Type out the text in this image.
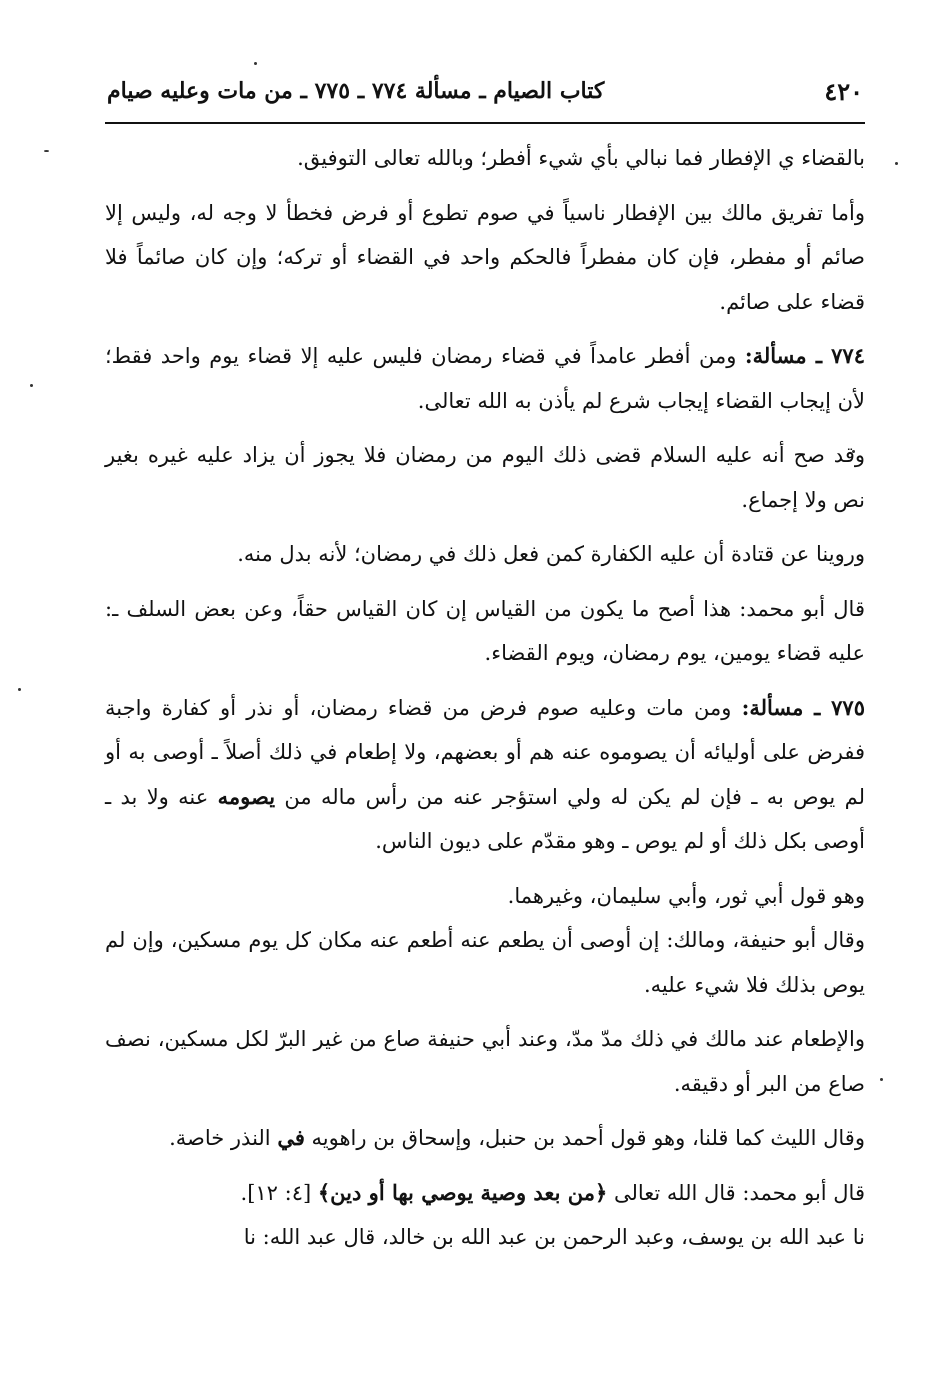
٤٢٠
كتاب الصيام ـ مسألة ٧٧٤ ـ ٧٧٥ ـ من مات وعليه صيام

بالقضاء ي الإفطار فما نبالي بأي شيء أفطر؛ وبالله تعالى التوفيق.

وأما تفريق مالك بين الإفطار ناسياً في صوم تطوع أو فرض فخطأ لا وجه له، وليس إلا صائم أو مفطر، فإن كان مفطراً فالحكم واحد في القضاء أو تركه؛ وإن كان صائماً فلا قضاء على صائم.

٧٧٤ ـ مسألة: ومن أفطر عامداً في قضاء رمضان فليس عليه إلا قضاء يوم واحد فقط؛ لأن إيجاب القضاء إيجاب شرع لم يأذن به الله تعالى.

وقد صح أنه عليه السلام قضى ذلك اليوم من رمضان فلا يجوز أن يزاد عليه غيره بغير نص ولا إجماع.

وروينا عن قتادة أن عليه الكفارة كمن فعل ذلك في رمضان؛ لأنه بدل منه.

قال أبو محمد: هذا أصح ما يكون من القياس إن كان القياس حقاً، وعن بعض السلف ـ: عليه قضاء يومين، يوم رمضان، ويوم القضاء.

٧٧٥ ـ مسألة: ومن مات وعليه صوم فرض من قضاء رمضان، أو نذر أو كفارة واجبة ففرض على أوليائه أن يصوموه عنه هم أو بعضهم، ولا إطعام في ذلك أصلاً ـ أوصى به أو لم يوص به ـ فإن لم يكن له ولي استؤجر عنه من رأس ماله من يصومه عنه ولا بد ـ أوصى بكل ذلك أو لم يوص ـ وهو مقدّم على ديون الناس.

وهو قول أبي ثور، وأبي سليمان، وغيرهما.

وقال أبو حنيفة، ومالك: إن أوصى أن يطعم عنه أطعم عنه مكان كل يوم مسكين، وإن لم يوص بذلك فلا شيء عليه.

والإطعام عند مالك في ذلك مدّ مدّ، وعند أبي حنيفة صاع من غير البرّ لكل مسكين، نصف صاع من البر أو دقيقه.

وقال الليث كما قلنا، وهو قول أحمد بن حنبل، وإسحاق بن راهويه في النذر خاصة.

قال أبو محمد: قال الله تعالى ﴿من بعد وصية يوصي بها أو دين﴾ [٤: ١٢].

نا عبد الله بن يوسف، وعبد الرحمن بن عبد الله بن خالد، قال عبد الله: نا
